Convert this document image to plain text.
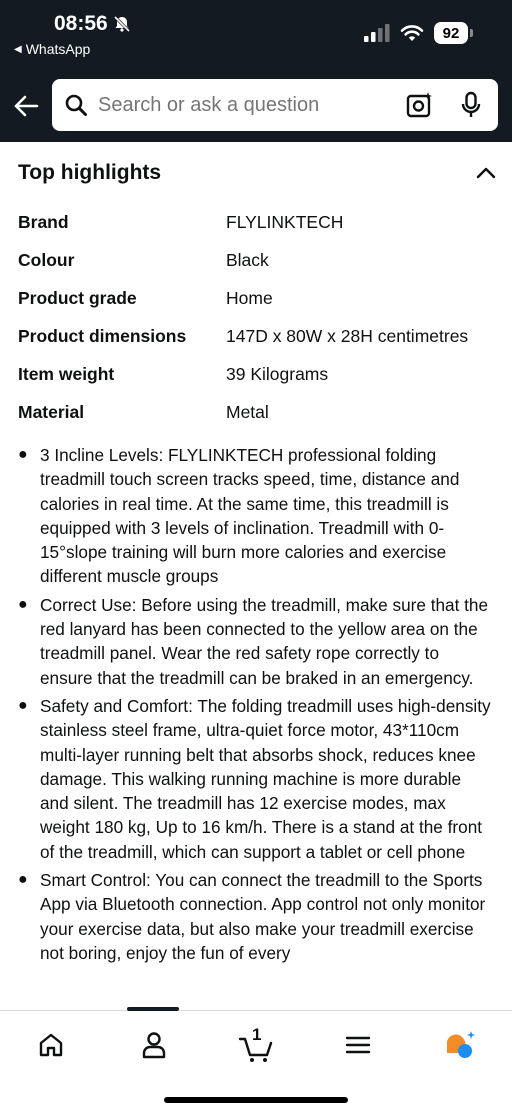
08:56
◀ WhatsApp
92
Search or ask a question
Top highlights
Brand	FLYLINKTECH
Colour	Black
Product grade	Home
Product dimensions	147D x 80W x 28H centimetres
Item weight	39 Kilograms
Material	Metal
● 3 Incline Levels: FLYLINKTECH professional folding treadmill touch screen tracks speed, time, distance and calories in real time. At the same time, this treadmill is equipped with 3 levels of inclination. Treadmill with 0-15°slope training will burn more calories and exercise different muscle groups
● Correct Use: Before using the treadmill, make sure that the red lanyard has been connected to the yellow area on the treadmill panel. Wear the red safety rope correctly to ensure that the treadmill can be braked in an emergency.
● Safety and Comfort: The folding treadmill uses high-density stainless steel frame, ultra-quiet force motor, 43*110cm multi-layer running belt that absorbs shock, reduces knee damage. This walking running machine is more durable and silent. The treadmill has 12 exercise modes, max weight 180 kg, Up to 16 km/h. There is a stand at the front of the treadmill, which can support a tablet or cell phone
● Smart Control: You can connect the treadmill to the Sports App via Bluetooth connection. App control not only monitor your exercise data, but also make your treadmill exercise not boring, enjoy the fun of every
1
